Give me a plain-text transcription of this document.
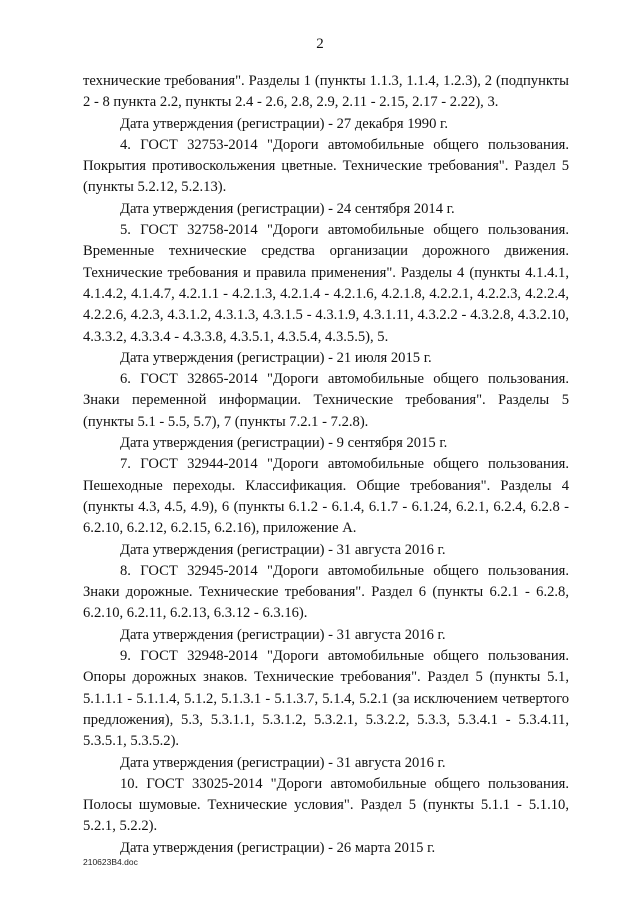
2

технические требования". Разделы 1 (пункты 1.1.3, 1.1.4, 1.2.3), 2 (подпункты 2 - 8 пункта 2.2, пункты 2.4 - 2.6, 2.8, 2.9, 2.11 - 2.15, 2.17 - 2.22), 3.

Дата утверждения (регистрации) - 27 декабря 1990 г.

4. ГОСТ 32753-2014 "Дороги автомобильные общего пользования. Покрытия противоскольжения цветные. Технические требования". Раздел 5 (пункты 5.2.12, 5.2.13).

Дата утверждения (регистрации) - 24 сентября 2014 г.

5. ГОСТ 32758-2014 "Дороги автомобильные общего пользования. Временные технические средства организации дорожного движения. Технические требования и правила применения". Разделы 4 (пункты 4.1.4.1, 4.1.4.2, 4.1.4.7, 4.2.1.1 - 4.2.1.3, 4.2.1.4 - 4.2.1.6, 4.2.1.8, 4.2.2.1, 4.2.2.3, 4.2.2.4, 4.2.2.6, 4.2.3, 4.3.1.2, 4.3.1.3, 4.3.1.5 - 4.3.1.9, 4.3.1.11, 4.3.2.2 - 4.3.2.8, 4.3.2.10, 4.3.3.2, 4.3.3.4 - 4.3.3.8, 4.3.5.1, 4.3.5.4, 4.3.5.5), 5.

Дата утверждения (регистрации) - 21 июля 2015 г.

6. ГОСТ 32865-2014 "Дороги автомобильные общего пользования. Знаки переменной информации. Технические требования". Разделы 5 (пункты 5.1 - 5.5, 5.7), 7 (пункты 7.2.1 - 7.2.8).

Дата утверждения (регистрации) - 9 сентября 2015 г.

7. ГОСТ 32944-2014 "Дороги автомобильные общего пользования. Пешеходные переходы. Классификация. Общие требования". Разделы 4 (пункты 4.3, 4.5, 4.9), 6 (пункты 6.1.2 - 6.1.4, 6.1.7 - 6.1.24, 6.2.1, 6.2.4, 6.2.8 - 6.2.10, 6.2.12, 6.2.15, 6.2.16), приложение А.

Дата утверждения (регистрации) - 31 августа 2016 г.

8. ГОСТ 32945-2014 "Дороги автомобильные общего пользования. Знаки дорожные. Технические требования". Раздел 6 (пункты 6.2.1 - 6.2.8, 6.2.10, 6.2.11, 6.2.13, 6.3.12 - 6.3.16).

Дата утверждения (регистрации) - 31 августа 2016 г.

9. ГОСТ 32948-2014 "Дороги автомобильные общего пользования. Опоры дорожных знаков. Технические требования". Раздел 5 (пункты 5.1, 5.1.1.1 - 5.1.1.4, 5.1.2, 5.1.3.1 - 5.1.3.7, 5.1.4, 5.2.1 (за исключением четвертого предложения), 5.3, 5.3.1.1, 5.3.1.2, 5.3.2.1, 5.3.2.2, 5.3.3, 5.3.4.1 - 5.3.4.11, 5.3.5.1, 5.3.5.2).

Дата утверждения (регистрации) - 31 августа 2016 г.

10. ГОСТ 33025-2014 "Дороги автомобильные общего пользования. Полосы шумовые. Технические условия". Раздел 5 (пункты 5.1.1 - 5.1.10, 5.2.1, 5.2.2).

Дата утверждения (регистрации) - 26 марта 2015 г.

210623B4.doc
